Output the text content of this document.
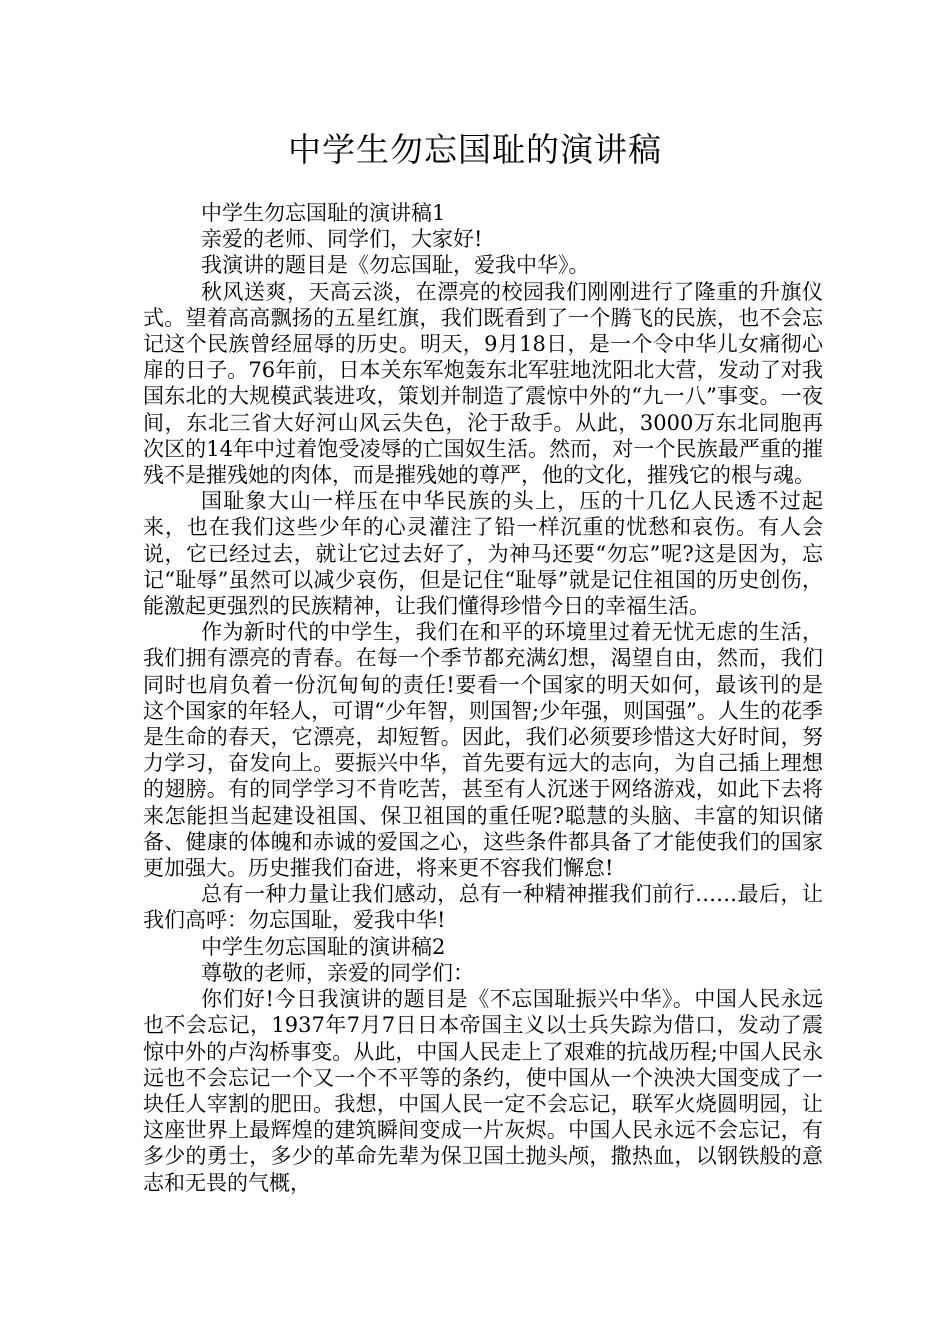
中学生勿忘国耻的演讲稿

中学生勿忘国耻的演讲稿1

亲爱的老师、同学们，大家好!

我演讲的题目是《勿忘国耻，爱我中华》。

秋风送爽，天高云淡，在漂亮的校园我们刚刚进行了隆重的升旗仪式。望着高高飘扬的五星红旗，我们既看到了一个腾飞的民族，也不会忘记这个民族曾经屈辱的历史。明天，9月18日，是一个令中华儿女痛彻心扉的日子。76年前，日本关东军炮轰东北军驻地沈阳北大营，发动了对我国东北的大规模武装进攻，策划并制造了震惊中外的“九一八”事变。一夜间，东北三省大好河山风云失色，沦于敌手。从此，3000万东北同胞再次区的14年中过着饱受凌辱的亡国奴生活。然而，对一个民族最严重的摧残不是摧残她的肉体，而是摧残她的尊严，他的文化，摧残它的根与魂。

国耻象大山一样压在中华民族的头上，压的十几亿人民透不过起来，也在我们这些少年的心灵灌注了铅一样沉重的忧愁和哀伤。有人会说，它已经过去，就让它过去好了，为神马还要“勿忘”呢?这是因为，忘记“耻辱”虽然可以减少哀伤，但是记住“耻辱”就是记住祖国的历史创伤，能激起更强烈的民族精神，让我们懂得珍惜今日的幸福生活。

作为新时代的中学生，我们在和平的环境里过着无忧无虑的生活，我们拥有漂亮的青春。在每一个季节都充满幻想，渴望自由，然而，我们同时也肩负着一份沉甸甸的责任!要看一个国家的明天如何，最该刊的是这个国家的年轻人，可谓“少年智，则国智;少年强，则国强”。人生的花季是生命的春天，它漂亮，却短暂。因此，我们必须要珍惜这大好时间，努力学习，奋发向上。要振兴中华，首先要有远大的志向，为自己插上理想的翅膀。有的同学学习不肯吃苦，甚至有人沉迷于网络游戏，如此下去将来怎能担当起建设祖国、保卫祖国的重任呢?聪慧的头脑、丰富的知识储备、健康的体魄和赤诚的爱国之心，这些条件都具备了才能使我们的国家更加强大。历史摧我们奋进，将来更不容我们懈怠!

总有一种力量让我们感动，总有一种精神摧我们前行……最后，让我们高呼：勿忘国耻，爱我中华!

中学生勿忘国耻的演讲稿2

尊敬的老师，亲爱的同学们：

你们好!今日我演讲的题目是《不忘国耻振兴中华》。中国人民永远也不会忘记，1937年7月7日日本帝国主义以士兵失踪为借口，发动了震惊中外的卢沟桥事变。从此，中国人民走上了艰难的抗战历程;中国人民永远也不会忘记一个又一个不平等的条约，使中国从一个泱泱大国变成了一块任人宰割的肥田。我想，中国人民一定不会忘记，联军火烧圆明园，让这座世界上最辉煌的建筑瞬间变成一片灰烬。中国人民永远不会忘记，有多少的勇士，多少的革命先辈为保卫国土抛头颅，撒热血，以钢铁般的意志和无畏的气概，
